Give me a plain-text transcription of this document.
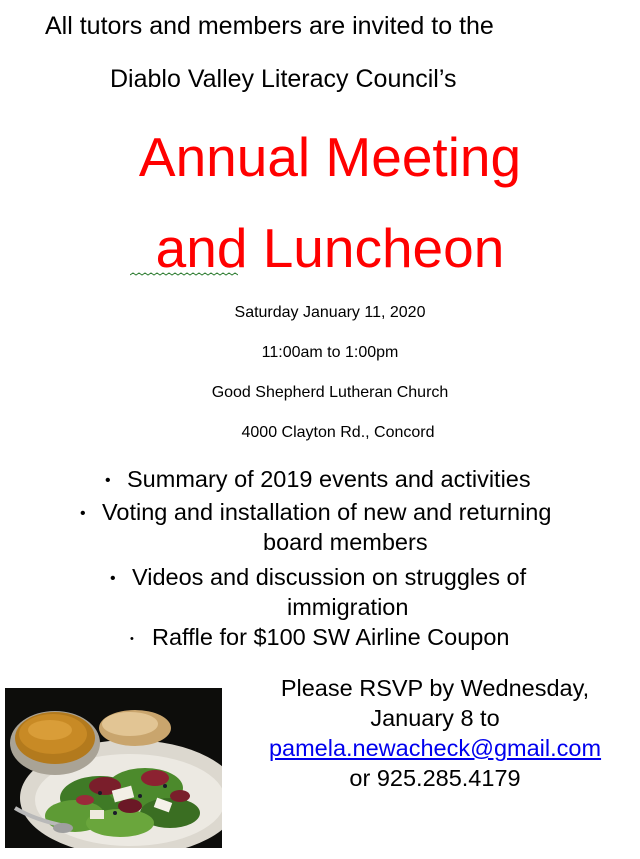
All tutors and members are invited to the
Diablo Valley Literacy Council’s
Annual Meeting
and Luncheon
Saturday January 11, 2020
11:00am to 1:00pm
Good Shepherd Lutheran Church
4000 Clayton Rd., Concord
• Summary of 2019 events and activities
• Voting and installation of new and returning
board members
• Videos and discussion on struggles of
immigration
• Raffle for $100 SW Airline Coupon
Please RSVP by Wednesday,
January 8 to
pamela.newacheck@gmail.com
or 925.285.4179
